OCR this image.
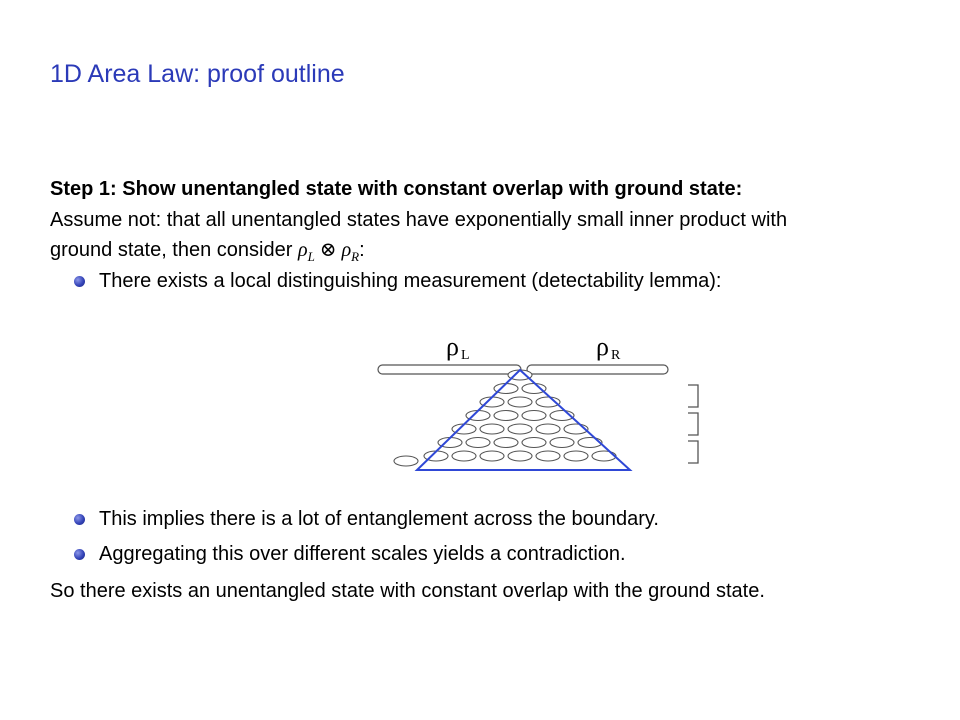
1D Area Law: proof outline
Step 1: Show unentangled state with constant overlap with ground state:
Assume not: that all unentangled states have exponentially small inner product with
ground state, then consider $\rho_L$ ⊗ $\rho_R$:
There exists a local distinguishing measurement (detectability lemma):
ρ L	ρ R
This implies there is a lot of entanglement across the boundary.
Aggregating this over different scales yields a contradiction.
So there exists an unentangled state with constant overlap with the ground state.
